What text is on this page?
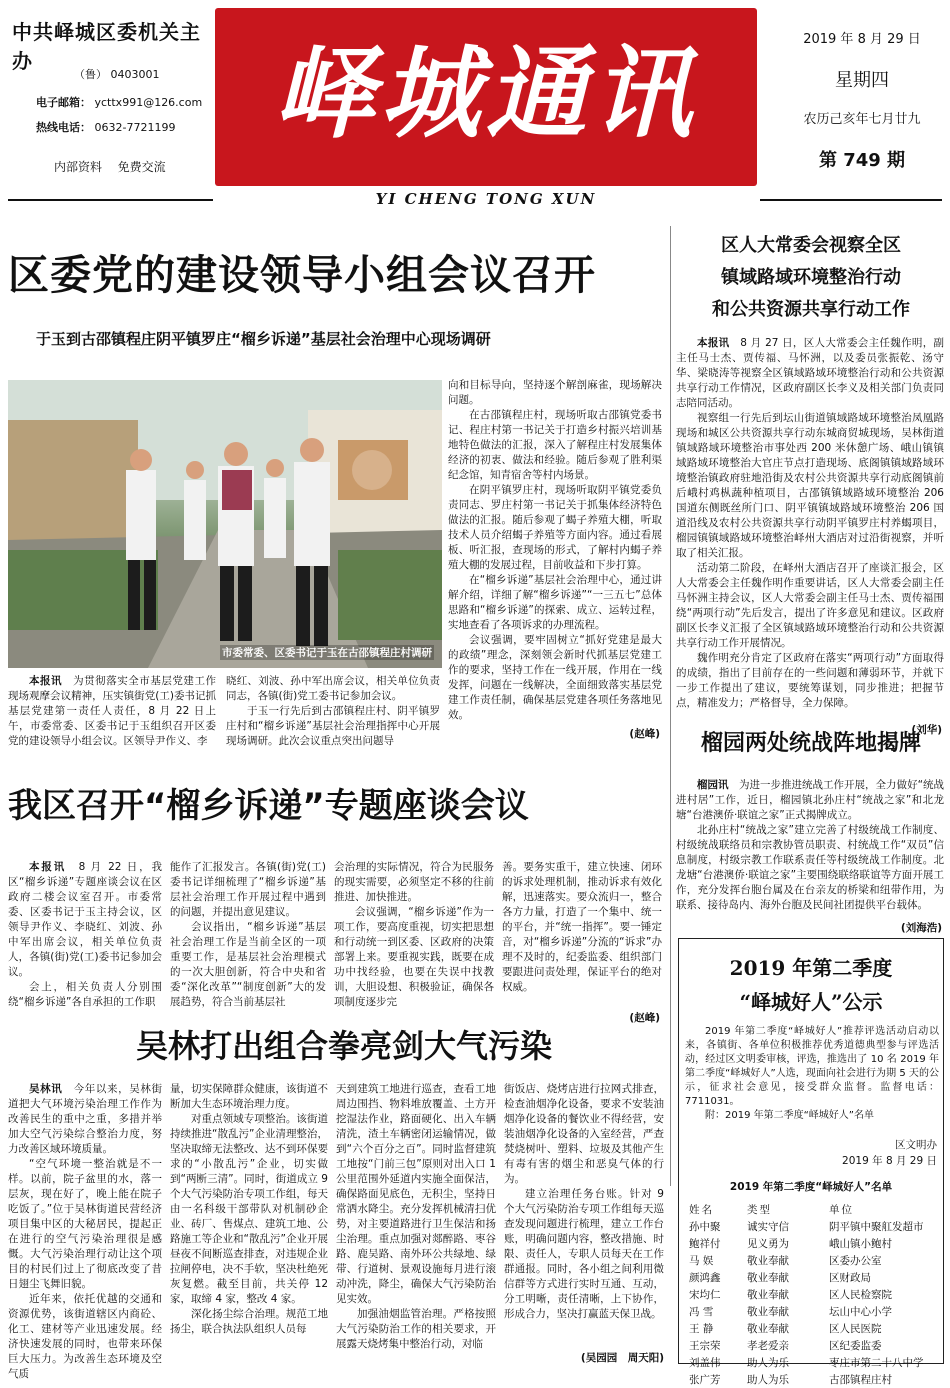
中共峄城区委机关主办
（鲁） 0403001
电子邮箱： ycttx991@126.com
热线电话： 0632-7721199
内部资料 免费交流
峄城通讯
YI CHENG TONG XUN
2019 年 8 月 29 日
星期四
农历己亥年七月廿九
第 749 期
区委党的建设领导小组会议召开
于玉到古邵镇程庄阴平镇罗庄“榴乡诉递”基层社会治理中心现场调研
市委常委、区委书记于玉在古邵镇程庄村调研

本报讯　 为贯彻落实全市基层党建工作现场观摩会议精神，压实镇街党(工)委书记抓基层党建第一责任人责任，8 月 22 日上午，市委常委、区委书记于玉组织召开区委党的建设领导小组会议。区领导尹作义、李

晓红、刘波、孙中军出席会议，相关单位负责同志，各镇(街)党工委书记参加会议。

于玉一行先后到古邵镇程庄村、阴平镇罗庄村和“榴乡诉递”基层社会治理指挥中心开展现场调研。此次会议重点突出问题导

向和目标导向，坚持逐个解剖麻雀，现场解决问题。

在古邵镇程庄村，现场听取古邵镇党委书记、程庄村第一书记关于打造乡村振兴培训基地特色做法的汇报，深入了解程庄村发展集体经济的初衷、做法和经验。随后参观了胜利渠纪念馆，知青宿舍等村内场景。

在阴平镇罗庄村，现场听取阴平镇党委负责同志、罗庄村第一书记关于抓集体经济特色做法的汇报。随后参观了蝎子养殖大棚，听取技术人员介绍蝎子养殖等方面内容。通过看展板、听汇报，查现场的形式，了解村内蝎子养殖大棚的发展过程，目前收益和下步打算。

在“榴乡诉递”基层社会治理中心，通过讲解介绍，详细了解“榴乡诉递”“一三五七”总体思路和“榴乡诉递”的探索、成立、运转过程，实地查看了各项诉求的办理流程。

会议强调，要牢固树立“抓好党建是最大的政绩”理念，深刻领会新时代抓基层党建工作的要求，坚持工作在一线开展，作用在一线发挥，问题在一线解决，全面细致落实基层党建工作责任制，确保基层党建各项任务落地见效。

(赵峰)
区人大常委会视察全区
镇域路域环境整治行动
和公共资源共享行动工作

本报讯　 8 月 27 日，区人大常委会主任魏作明，副主任马士杰、贾传福、马怀洲，以及委员张振乾、汤守华、梁晓涛等视察全区镇域路域环境整治行动和公共资源共享行动工作情况，区政府副区长李义及相关部门负责同志陪同活动。

视察组一行先后到坛山街道镇域路域环境整治凤凰路现场和城区公共资源共享行动东城商贸城现场，吴林街道镇域路域环境整治市事处西 200 米休憩广场、峨山镇镇域路域环境整治大官庄节点打造现场、底阁镇镇域路域环境整治镇政府驻地沿街及农村公共资源共享行动底阁镇前后峨村鸡枞蔬种植项目，古邵镇镇域路域环境整治 206 国道东侧既丝所门口、阴平镇镇域路域环境整治 206 国道沿线及农村公共资源共享行动阴平镇罗庄村养蝎项目，榴园镇镇域路域环境整治峄州大酒店对过沿街视察，并听取了相关汇报。

活动第二阶段，在峄州大酒店召开了座谈汇报会，区人大常委会主任魏作明作重要讲话，区人大常委会副主任马怀洲主持会议，区人大常委会副主任马士杰、贾传福围绕“两项行动”先后发言，提出了许多意见和建议。区政府副区长李义汇报了全区镇域路域环境整治行动和公共资源共享行动工作开展情况。

魏作明充分肯定了区政府在落实“两项行动”方面取得的成绩，指出了目前存在的一些问题和薄弱环节，并就下一步工作提出了建议，要统筹谋划，同步推进；把握节点，精准发力；严格督导，全力保障。

(刘华)
榴园两处统战阵地揭牌

榴园讯　 为进一步推进统战工作开展，全力做好“统战进村居”工作，近日，榴园镇北孙庄村“统战之家”和北龙塘“台港澳侨·联谊之家”正式揭牌成立。

北孙庄村“统战之家”建立完善了村级统战工作制度、村级统战联络员和宗教协管员职责、村统战工作“双员”信息制度，村级宗教工作联系责任等村级统战工作制度。北龙塘“台港澳侨·联谊之家”主要围绕联络联谊等方面开展工作，充分发挥台胞台属及在台亲友的桥梁和纽带作用，为联系、接待岛内、海外台胞及民间社团提供平台载体。

(刘海浩)
我区召开“榴乡诉递”专题座谈会议

本报讯　 8 月 22 日，我区“榴乡诉递”专题座谈会议在区政府二楼会议室召开。市委常委、区委书记于玉主持会议，区领导尹作义、李晓红、刘波、孙中军出席会议，相关单位负责人，各镇(街)党(工)委书记参加会议。

会上，相关负责人分别围绕“榴乡诉递”各自承担的工作职

能作了汇报发言。各镇(街)党(工)委书记详细梳理了“榴乡诉递”基层社会治理工作开展过程中遇到的问题，并提出意见建议。

会议指出，“榴乡诉递”基层社会治理工作是当前全区的一项重要工作，是基层社会治理模式的一次大胆创新，符合中央和省委“深化改革”“制度创新”大的发展趋势，符合当前基层社

会治理的实际情况，符合为民服务的现实需要，必须坚定不移的往前推进、加快推进。

会议强调，“榴乡诉递”作为一项工作，要高度重视，切实把思想和行动统一到区委、区政府的决策部署上来。要重视实践，既要在成功中找经验，也要在失误中找教训，大胆设想、积极验证，确保各项制度逐步完

善。要务实重干，建立快速、闭环的诉求处理机制，推动诉求有效化解，迅速落实。要众流归一，整合各方力量，打造了一个集中、统一的平台，并“统一指挥”。要一锤定音，对“榴乡诉递”分流的“诉求”办理不及时的，纪委监委、组织部门要跟进问责处理，保证平台的绝对权威。

(赵峰)
2019 年第二季度
“峄城好人”公示

2019 年第二季度“峄城好人”推荐评选活动启动以来，各镇街、各单位积极推荐优秀道德典型参与评选活动，经过区文明委审核，评选，推选出了 10 名 2019 年第二季度“峄城好人”人选，现面向社会进行为期 5 天的公示，征求社会意见，接受群众监督。监督电话：7711031。

附：2019 年第二季度“峄城好人”名单

区文明办
2019 年 8 月 29 日
2019 年第二季度“峄城好人”名单
姓名	类型	单位
孙中聚	诚实守信	阴平镇中聚舡发超市
鲍祥付	见义勇为	峨山镇小鲍村
马 娱	敬业奉献	区委办公室
颜鸿鑫	敬业奉献	区财政局
宋均仁	敬业奉献	区人民检察院
冯 雪	敬业奉献	坛山中心小学
王 静	敬业奉献	区人民医院
王宗荣	孝老爱亲	区纪委监委
刘盖伟	助人为乐	枣庄市第二十八中学
张广芳	助人为乐	古邵镇程庄村
吴林打出组合拳亮剑大气污染

吴林讯　 今年以来，吴林街道把大气环境污染治理工作作为改善民生的重中之重，多措并举加大空气污染综合整治力度，努力改善区域环境质量。

“空气环境一整治就是不一样。以前，院子盆里的水，落一层灰，现在好了，晚上能在院子吃饭了。”位于吴林街道民营经济项目集中区的大秘居民，提起正在进行的空气污染治理很是感慨。大气污染治理行动让这个项目的村民们过上了彻底改变了昔日翅尘飞舞旧貌。

近年来，依托优越的交通和资源优势，该街道辖区内商砼、化工、建材等产业迅速发展。经济快速发展的同时，也带来环保巨大压力。为改善生态环境及空气质

量，切实保障群众健康，该街道不断加大生态环境治理力度。

对重点领域专项整治。该街道持续推进“散乱污”企业清理整治，坚决取缔无法整改、达不到环保要求的“小散乱污”企业，切实做到“两断三清”。同时，街道成立 9 个大气污染防治专项工作组，每天由一名科级干部带队对机制砂企业、砖厂、售煤点、建筑工地、公路施工等企业和“散乱污”企业开展昼夜不间断巡查排查，对违规企业拉闸停电，决不手软，坚决杜绝死灰复燃。截至目前，共关停 12 家，取缔 4 家，整改 4 家。

深化扬尘综合治理。规范工地扬尘，联合执法队组织人员每

天到建筑工地进行巡查，查看工地周边围挡、物料堆放覆盖、土方开挖湿法作业，路面硬化、出入车辆清洗，渣土车辆密闭运输情况，做到“六个百分之百”。同时监督建筑工地按“门前三包”原则对出入口 1 公里范围外延道内实施全面保洁，确保路面见底色，无积尘，坚持日常洒水降尘。充分发挥机械清扫优势，对主要道路进行卫生保洁和扬尘治理。重点加强对郯醉路、枣谷路、鹿吴路、南外环公共绿地、绿带、行道树、景观设施每月进行滚动冲洗，降尘，确保大气污染防治见实效。

加强油烟监管治理。严格按照大气污染防治工作的相关要求，开展露天烧烤集中整治行动，对临

街饭店、烧烤店进行拉网式排查，检查油烟净化设备，要求不安装油烟净化设备的餐饮业不得经营，安装油烟净化设备的入室经营，严查焚烧树叶、塑料、垃圾及其他产生有毒有害的烟尘和恶臭气体的行为。

建立治理任务台账。针对 9 个大气污染防治专项工作组每天巡查发现问题进行梳理，建立工作台账，明确问题内容，整改措施、时限、责任人，专职人员每天在工作群通报。同时，各小组之间利用微信群等方式进行实时互通、互动，分工明晰，责任清晰，上下协作，形成合力，坚决打赢蓝天保卫战。

(吴园园　周天阳)
